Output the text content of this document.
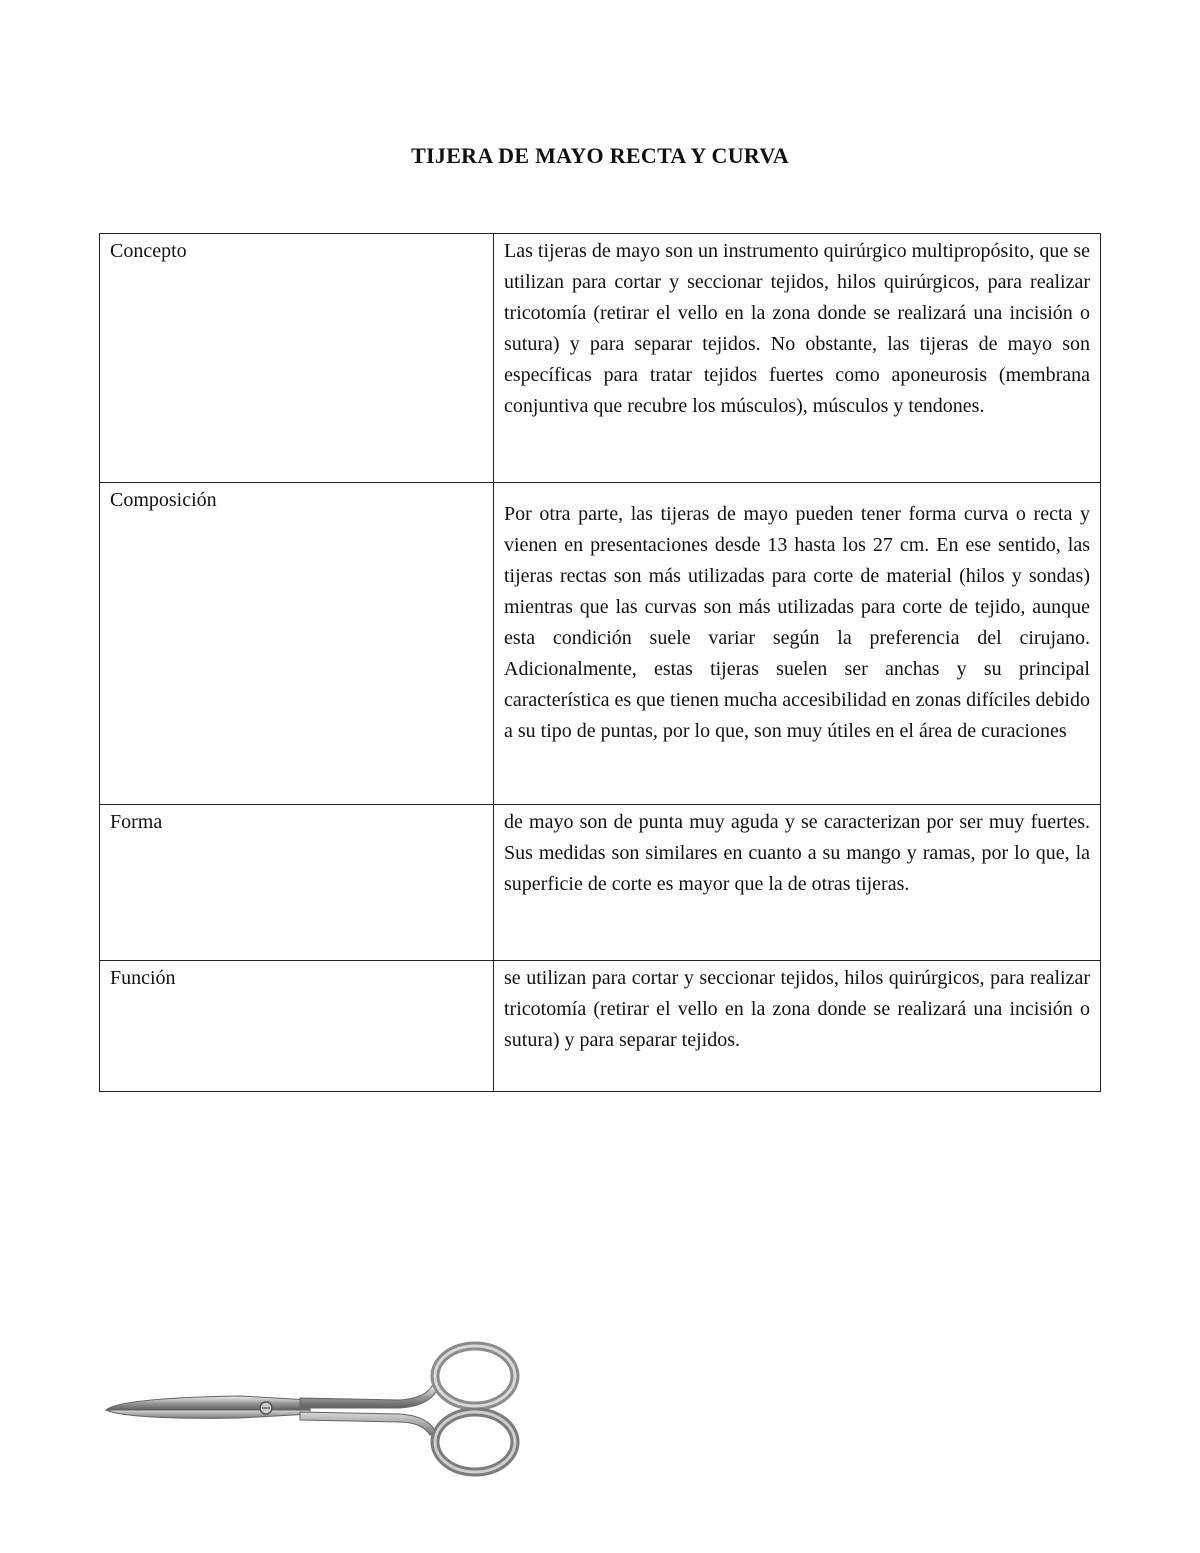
TIJERA DE MAYO RECTA Y CURVA
Concepto	Las tijeras de mayo son un instrumento quirúrgico multipropósito, que se utilizan para cortar y seccionar tejidos, hilos quirúrgicos, para realizar tricotomía (retirar el vello en la zona donde se realizará una incisión o sutura) y para separar tejidos. No obstante, las tijeras de mayo son específicas para tratar tejidos fuertes como aponeurosis (membrana conjuntiva que recubre los músculos), músculos y tendones.
Composición	Por otra parte, las tijeras de mayo pueden tener forma curva o recta y vienen en presentaciones desde 13 hasta los 27 cm. En ese sentido, las tijeras rectas son más utilizadas para corte de material (hilos y sondas) mientras que las curvas son más utilizadas para corte de tejido, aunque esta condición suele variar según la preferencia del cirujano. Adicionalmente, estas tijeras suelen ser anchas y su principal característica es que tienen mucha accesibilidad en zonas difíciles debido a su tipo de puntas, por lo que, son muy útiles en el área de curaciones
Forma	de mayo son de punta muy aguda y se caracterizan por ser muy fuertes. Sus medidas son similares en cuanto a su mango y ramas, por lo que, la superficie de corte es mayor que la de otras tijeras.
Función	se utilizan para cortar y seccionar tejidos, hilos quirúrgicos, para realizar tricotomía (retirar el vello en la zona donde se realizará una incisión o sutura) y para separar tejidos.
